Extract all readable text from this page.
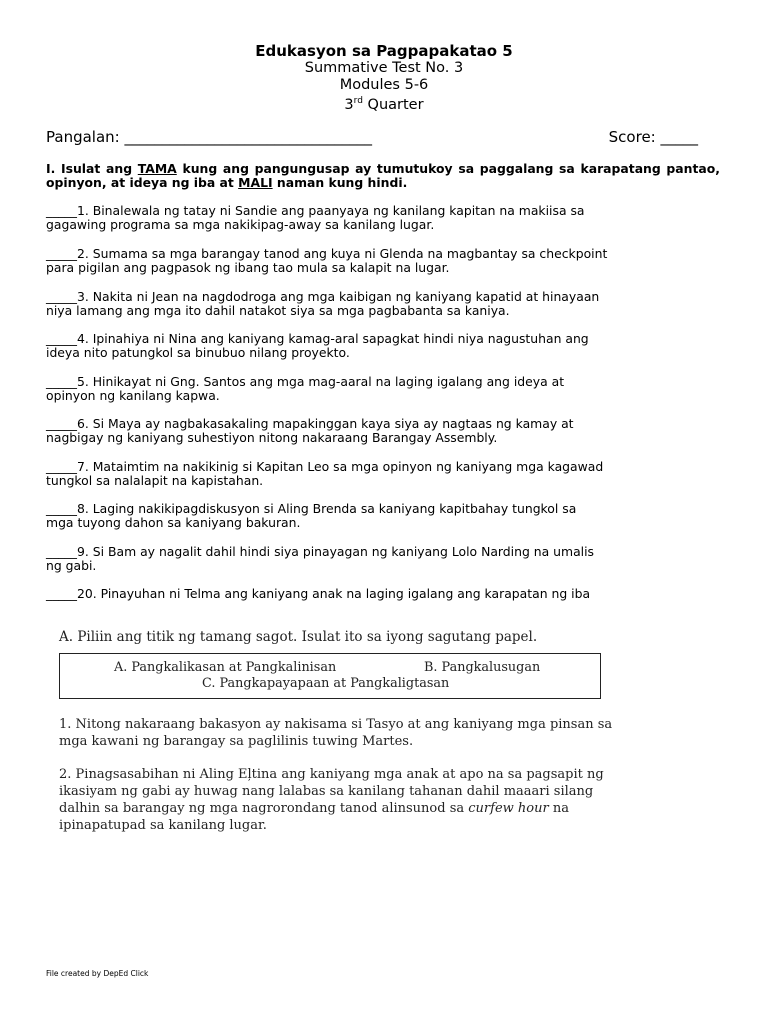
Edukasyon sa Pagpapakatao 5
Summative Test No. 3
Modules 5-6
3rd Quarter
Pangalan: _________________________________	Score: _____
I. Isulat ang TAMA kung ang pangungusap ay tumutukoy sa paggalang sa karapatang pantao, opinyon, at ideya ng iba at MALI naman kung hindi.
_____1. Binalewala ng tatay ni Sandie ang paanyaya ng kanilang kapitan na makiisa sa
gagawing programa sa mga nakikipag-away sa kanilang lugar.
_____2. Sumama sa mga barangay tanod ang kuya ni Glenda na magbantay sa checkpoint
para pigilan ang pagpasok ng ibang tao mula sa kalapit na lugar.
_____3. Nakita ni Jean na nagdodroga ang mga kaibigan ng kaniyang kapatid at hinayaan
niya lamang ang mga ito dahil natakot siya sa mga pagbabanta sa kaniya.
_____4. Ipinahiya ni Nina ang kaniyang kamag-aral sapagkat hindi niya nagustuhan ang
ideya nito patungkol sa binubuo nilang proyekto.
_____5. Hinikayat ni Gng. Santos ang mga mag-aaral na laging igalang ang ideya at
opinyon ng kanilang kapwa.
_____6. Si Maya ay nagbakasakaling mapakinggan kaya siya ay nagtaas ng kamay at
nagbigay ng kaniyang suhestiyon nitong nakaraang Barangay Assembly.
_____7. Mataimtim na nakikinig si Kapitan Leo sa mga opinyon ng kaniyang mga kagawad
tungkol sa nalalapit na kapistahan.
_____8. Laging nakikipagdiskusyon si Aling Brenda sa kaniyang kapitbahay tungkol sa
mga tuyong dahon sa kaniyang bakuran.
_____9. Si Bam ay nagalit dahil hindi siya pinayagan ng kaniyang Lolo Narding na umalis
ng gabi.
_____20. Pinayuhan ni Telma ang kaniyang anak na laging igalang ang karapatan ng iba
A. Piliin ang titik ng tamang sagot. Isulat ito sa iyong sagutang papel.
A. Pangkalikasan at Pangkalinisan	B. Pangkalusugan
C. Pangkapayapaan at Pangkaligtasan
1. Nitong nakaraang bakasyon ay nakisama si Tasyo at ang kaniyang mga pinsan sa
mga kawani ng barangay sa paglilinis tuwing Martes.
2. Pinagsasabihan ni Aling Eļtina ang kaniyang mga anak at apo na sa pagsapit ng
ikasiyam ng gabi ay huwag nang lalabas sa kanilang tahanan dahil maaari silang
dalhin sa barangay ng mga nagrorondang tanod alinsunod sa curfew hour na
ipinapatupad sa kanilang lugar.
File created by DepEd Click
